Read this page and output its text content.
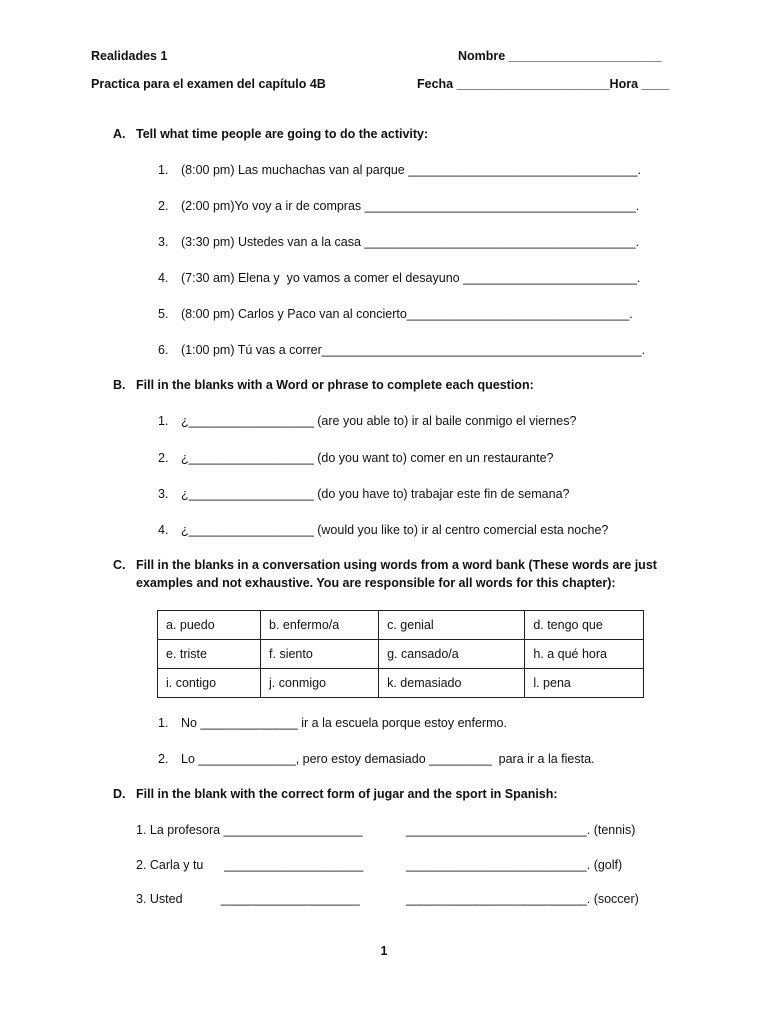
Realidades 1	Nombre ______________________
Practica para el examen del capítulo 4B	Fecha ______________________Hora ____
A. Tell what time people are going to do the activity:
1. (8:00 pm) Las muchachas van al parque _________________________________.
2. (2:00 pm)Yo voy a ir de compras _______________________________________.
3. (3:30 pm) Ustedes van a la casa _______________________________________.
4. (7:30 am) Elena y  yo vamos a comer el desayuno _________________________.
5. (8:00 pm) Carlos y Paco van al concierto________________________________.
6. (1:00 pm) Tú vas a correr______________________________________________.
B. Fill in the blanks with a Word or phrase to complete each question:
1. ¿__________________ (are you able to) ir al baile conmigo el viernes?
2. ¿__________________ (do you want to) comer en un restaurante?
3. ¿__________________ (do you have to) trabajar este fin de semana?
4. ¿__________________ (would you like to) ir al centro comercial esta noche?
C. Fill in the blanks in a conversation using words from a word bank (These words are just
examples and not exhaustive. You are responsible for all words for this chapter):
a. puedo	b. enfermo/a	c. genial	d. tengo que
e. triste	f. siento	g. cansado/a	h. a qué hora
i. contigo	j. conmigo	k. demasiado	l. pena
1. No ______________ ir a la escuela porque estoy enfermo.
2. Lo ______________, pero estoy demasiado _________  para ir a la fiesta.
D. Fill in the blank with the correct form of jugar and the sport in Spanish:
1. La profesora ____________________	__________________________. (tennis)
2. Carla y tu      ____________________	__________________________. (golf)
3. Usted           ____________________	__________________________. (soccer)
1
